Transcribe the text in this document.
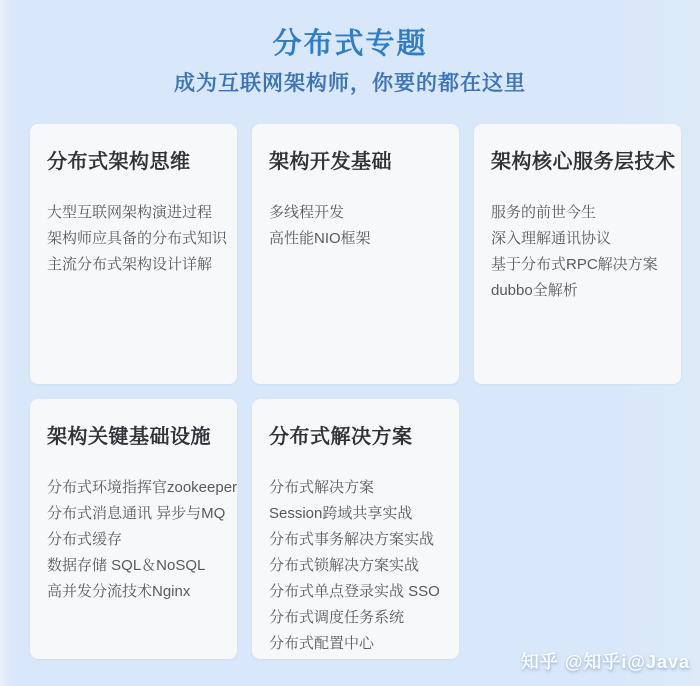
分布式专题
成为互联网架构师，你要的都在这里
分布式架构思维
大型互联网架构演进过程
架构师应具备的分布式知识
主流分布式架构设计详解
架构开发基础
多线程开发
高性能NIO框架
架构核心服务层技术
服务的前世今生
深入理解通讯协议
基于分布式RPC解决方案
dubbo全解析
架构关键基础设施
分布式环境指挥官zookeeper
分布式消息通讯 异步与MQ
分布式缓存
数据存储 SQL＆NoSQL
高并发分流技术Nginx
分布式解决方案
分布式解决方案
Session跨域共享实战
分布式事务解决方案实战
分布式锁解决方案实战
分布式单点登录实战 SSO
分布式调度任务系统
分布式配置中心
知乎 @知乎i@Java
